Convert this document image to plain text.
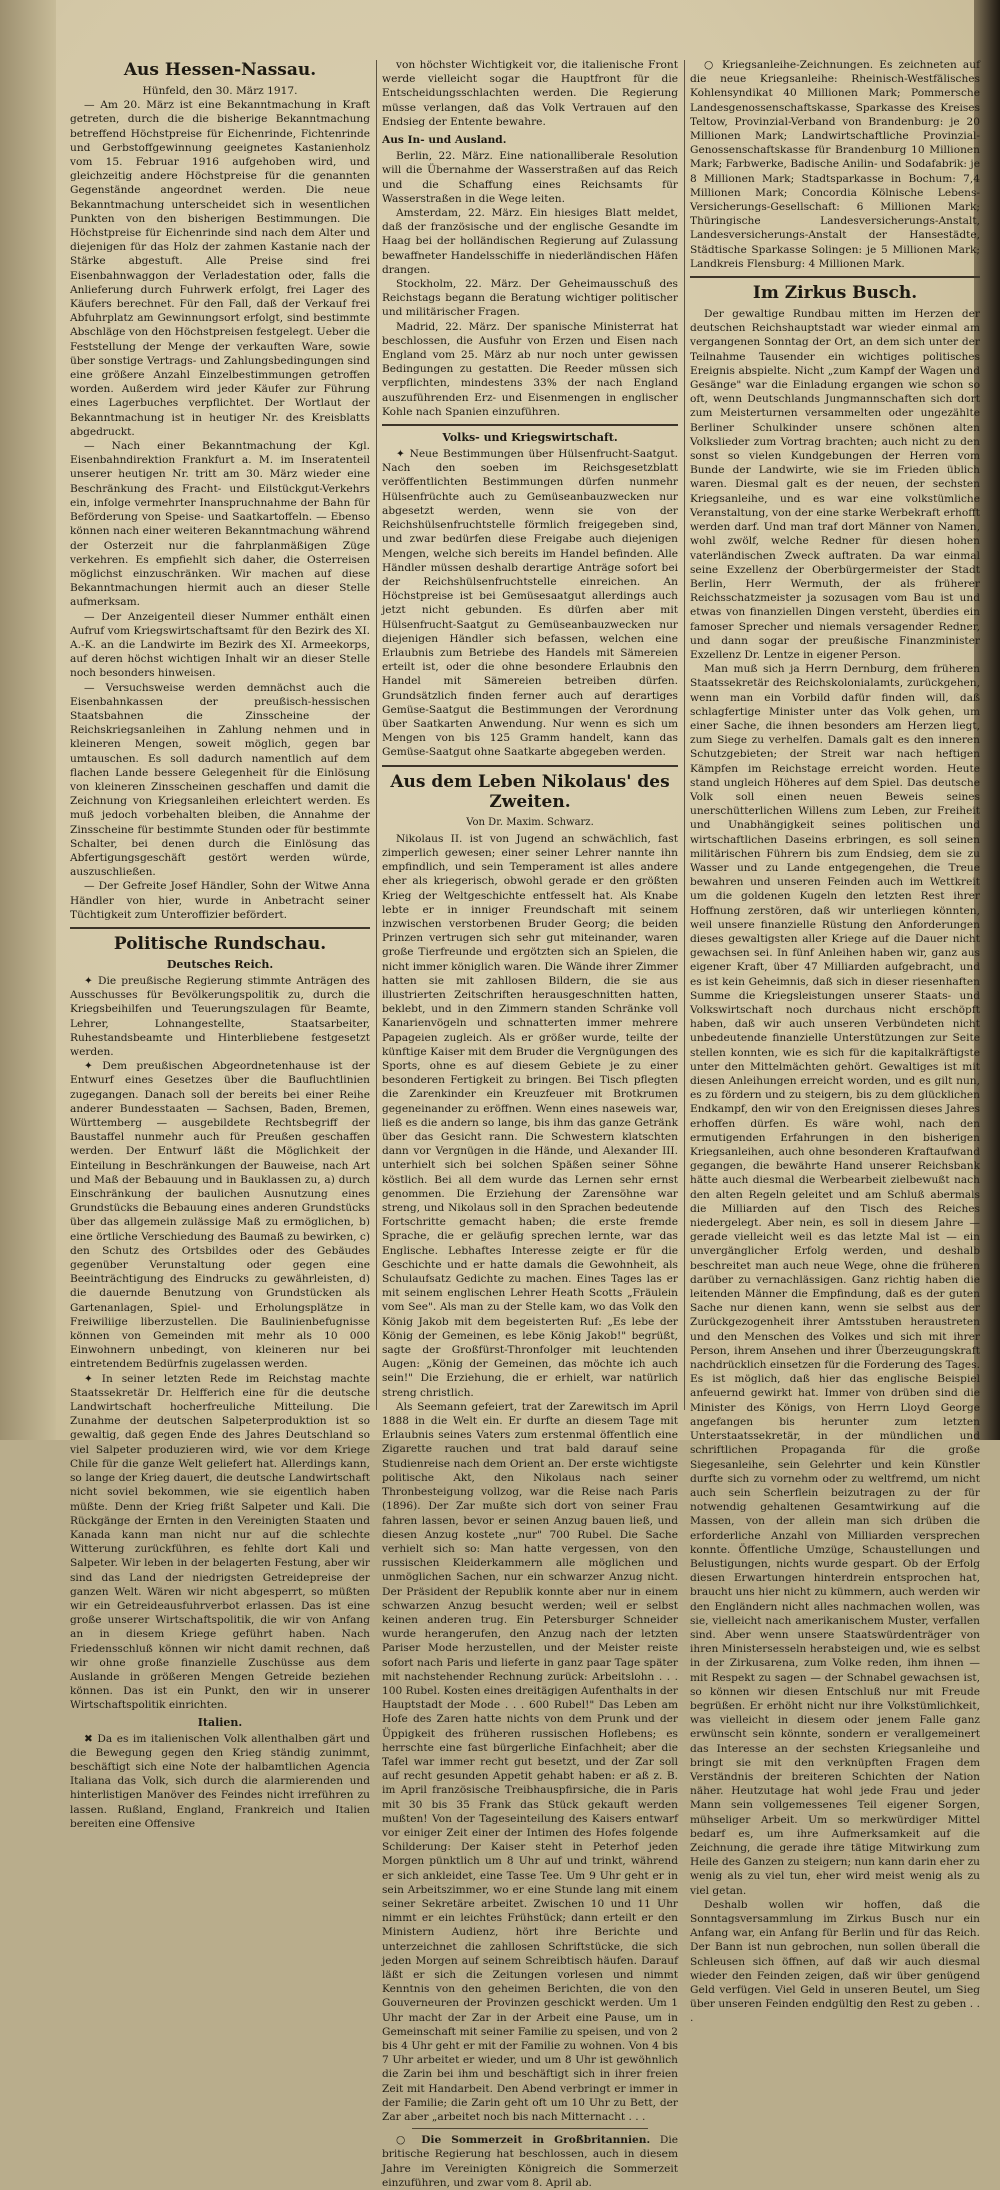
Aus Hessen-Nassau.

Hünfeld, den 30. März 1917.

— Am 20. März ist eine Bekanntmachung in Kraft getreten, durch die die bisherige Bekanntmachung betreffend Höchstpreise für Eichenrinde, Fichtenrinde und Gerbstoffgewinnung geeignetes Kastanienholz vom 15. Februar 1916 aufgehoben wird, und gleichzeitig andere Höchstpreise für die genannten Gegenstände angeordnet werden. Die neue Bekanntmachung unterscheidet sich in wesentlichen Punkten von den bisherigen Bestimmungen. Die Höchstpreise für Eichenrinde sind nach dem Alter und diejenigen für das Holz der zahmen Kastanie nach der Stärke abgestuft. Alle Preise sind frei Eisenbahnwaggon der Verladestation oder, falls die Anlieferung durch Fuhrwerk erfolgt, frei Lager des Käufers berechnet. Für den Fall, daß der Verkauf frei Abfuhrplatz am Gewinnungsort erfolgt, sind bestimmte Abschläge von den Höchstpreisen festgelegt. Ueber die Feststellung der Menge der verkauften Ware, sowie über sonstige Vertrags- und Zahlungsbedingungen sind eine größere Anzahl Einzelbestimmungen getroffen worden. Außerdem wird jeder Käufer zur Führung eines Lagerbuches verpflichtet. Der Wortlaut der Bekanntmachung ist in heutiger Nr. des Kreisblatts abgedruckt.

— Nach einer Bekanntmachung der Kgl. Eisenbahndirektion Frankfurt a. M. im Inseratenteil unserer heutigen Nr. tritt am 30. März wieder eine Beschränkung des Fracht- und Eilstückgut-Verkehrs ein, infolge vermehrter Inanspruchnahme der Bahn für Beförderung von Speise- und Saatkartoffeln. — Ebenso können nach einer weiteren Bekanntmachung während der Osterzeit nur die fahrplanmäßigen Züge verkehren. Es empfiehlt sich daher, die Osterreisen möglichst einzuschränken. Wir machen auf diese Bekanntmachungen hiermit auch an dieser Stelle aufmerksam.

— Der Anzeigenteil dieser Nummer enthält einen Aufruf vom Kriegswirtschaftsamt für den Bezirk des XI. A.-K. an die Landwirte im Bezirk des XI. Armeekorps, auf deren höchst wichtigen Inhalt wir an dieser Stelle noch besonders hinweisen.

— Versuchsweise werden demnächst auch die Eisenbahnkassen der preußisch-hessischen Staatsbahnen die Zinsscheine der Reichskriegsanleihen in Zahlung nehmen und in kleineren Mengen, soweit möglich, gegen bar umtauschen. Es soll dadurch namentlich auf dem flachen Lande bessere Gelegenheit für die Einlösung von kleineren Zinsscheinen geschaffen und damit die Zeichnung von Kriegsanleihen erleichtert werden. Es muß jedoch vorbehalten bleiben, die Annahme der Zinsscheine für bestimmte Stunden oder für bestimmte Schalter, bei denen durch die Einlösung das Abfertigungsgeschäft gestört werden würde, auszuschließen.

— Der Gefreite Josef Händler, Sohn der Witwe Anna Händler von hier, wurde in Anbetracht seiner Tüchtigkeit zum Unteroffizier befördert.

Politische Rundschau.
Deutsches Reich.

✦ Die preußische Regierung stimmte Anträgen des Ausschusses für Bevölkerungspolitik zu, durch die Kriegsbeihilfen und Teuerungszulagen für Beamte, Lehrer, Lohnangestellte, Staatsarbeiter, Ruhestandsbeamte und Hinterbliebene festgesetzt werden.

✦ Dem preußischen Abgeordnetenhause ist der Entwurf eines Gesetzes über die Baufluchtlinien zugegangen. Danach soll der bereits bei einer Reihe anderer Bundesstaaten — Sachsen, Baden, Bremen, Württemberg — ausgebildete Rechtsbegriff der Baustaffel nunmehr auch für Preußen geschaffen werden. Der Entwurf läßt die Möglichkeit der Einteilung in Beschränkungen der Bauweise, nach Art und Maß der Bebauung und in Bauklassen zu, a) durch Einschränkung der baulichen Ausnutzung eines Grundstücks die Bebauung eines anderen Grundstücks über das allgemein zulässige Maß zu ermöglichen, b) eine örtliche Verschiedung des Baumaß zu bewirken, c) den Schutz des Ortsbildes oder des Gebäudes gegenüber Verunstaltung oder gegen eine Beeinträchtigung des Eindrucks zu gewährleisten, d) die dauernde Benutzung von Grundstücken als Gartenanlagen, Spiel- und Erholungsplätze in Freiwiliige liberzustellen. Die Baulinienbefugnisse können von Gemeinden mit mehr als 10 000 Einwohnern unbedingt, von kleineren nur bei eintretendem Bedürfnis zugelassen werden.

✦ In seiner letzten Rede im Reichstag machte Staatssekretär Dr. Helfferich eine für die deutsche Landwirtschaft hocherfreuliche Mitteilung. Die Zunahme der deutschen Salpeterproduktion ist so gewaltig, daß gegen Ende des Jahres Deutschland so viel Salpeter produzieren wird, wie vor dem Kriege Chile für die ganze Welt geliefert hat. Allerdings kann, so lange der Krieg dauert, die deutsche Landwirtschaft nicht soviel bekommen, wie sie eigentlich haben müßte. Denn der Krieg frißt Salpeter und Kali. Die Rückgänge der Ernten in den Vereinigten Staaten und Kanada kann man nicht nur auf die schlechte Witterung zurückführen, es fehlte dort Kali und Salpeter. Wir leben in der belagerten Festung, aber wir sind das Land der niedrigsten Getreidepreise der ganzen Welt. Wären wir nicht abgesperrt, so müßten wir ein Getreideausfuhrverbot erlassen. Das ist eine große unserer Wirtschaftspolitik, die wir von Anfang an in diesem Kriege geführt haben. Nach Friedensschluß können wir nicht damit rechnen, daß wir ohne große finanzielle Zuschüsse aus dem Auslande in größeren Mengen Getreide beziehen können. Das ist ein Punkt, den wir in unserer Wirtschaftspolitik einrichten.

Italien.

✖ Da es im italienischen Volk allenthalben gärt und die Bewegung gegen den Krieg ständig zunimmt, beschäftigt sich eine Note der halbamtlichen Agencia Italiana das Volk, sich durch die alarmierenden und hinterlistigen Manöver des Feindes nicht irreführen zu lassen. Rußland, England, Frankreich und Italien bereiten eine Offensive

von höchster Wichtigkeit vor, die italienische Front werde vielleicht sogar die Hauptfront für die Entscheidungsschlachten werden. Die Regierung müsse verlangen, daß das Volk Vertrauen auf den Endsieg der Entente bewahre.

Aus In- und Ausland.

Berlin, 22. März. Eine nationalliberale Resolution will die Übernahme der Wasserstraßen auf das Reich und die Schaffung eines Reichsamts für Wasserstraßen in die Wege leiten.

Amsterdam, 22. März. Ein hiesiges Blatt meldet, daß der französische und der englische Gesandte im Haag bei der holländischen Regierung auf Zulassung bewaffneter Handelsschiffe in niederländischen Häfen drangen.

Stockholm, 22. März. Der Geheimausschuß des Reichstags begann die Beratung wichtiger politischer und militärischer Fragen.

Madrid, 22. März. Der spanische Ministerrat hat beschlossen, die Ausfuhr von Erzen und Eisen nach England vom 25. März ab nur noch unter gewissen Bedingungen zu gestatten. Die Reeder müssen sich verpflichten, mindestens 33% der nach England auszuführenden Erz- und Eisenmengen in englischer Kohle nach Spanien einzuführen.

Volks- und Kriegswirtschaft.

✦ Neue Bestimmungen über Hülsenfrucht-Saatgut. Nach den soeben im Reichsgesetzblatt veröffentlichten Bestimmungen dürfen nunmehr Hülsenfrüchte auch zu Gemüseanbauzwecken nur abgesetzt werden, wenn sie von der Reichshülsenfruchtstelle förmlich freigegeben sind, und zwar bedürfen diese Freigabe auch diejenigen Mengen, welche sich bereits im Handel befinden. Alle Händler müssen deshalb derartige Anträge sofort bei der Reichshülsenfruchtstelle einreichen. An Höchstpreise ist bei Gemüsesaatgut allerdings auch jetzt nicht gebunden. Es dürfen aber mit Hülsenfrucht-Saatgut zu Gemüseanbauzwecken nur diejenigen Händler sich befassen, welchen eine Erlaubnis zum Betriebe des Handels mit Sämereien erteilt ist, oder die ohne besondere Erlaubnis den Handel mit Sämereien betreiben dürfen. Grundsätzlich finden ferner auch auf derartiges Gemüse-Saatgut die Bestimmungen der Verordnung über Saatkarten Anwendung. Nur wenn es sich um Mengen von bis 125 Gramm handelt, kann das Gemüse-Saatgut ohne Saatkarte abgegeben werden.

Aus dem Leben Nikolaus' des Zweiten.

Von Dr. Maxim. Schwarz.

Nikolaus II. ist von Jugend an schwächlich, fast zimperlich gewesen; einer seiner Lehrer nannte ihn empfindlich, und sein Temperament ist alles andere eher als kriegerisch, obwohl gerade er den größten Krieg der Weltgeschichte entfesselt hat. Als Knabe lebte er in inniger Freundschaft mit seinem inzwischen verstorbenen Bruder Georg; die beiden Prinzen vertrugen sich sehr gut miteinander, waren große Tierfreunde und ergötzten sich an Spielen, die nicht immer königlich waren. Die Wände ihrer Zimmer hatten sie mit zahllosen Bildern, die sie aus illustrierten Zeitschriften herausgeschnitten hatten, beklebt, und in den Zimmern standen Schränke voll Kanarienvögeln und schnatterten immer mehrere Papageien zugleich. Als er größer wurde, teilte der künftige Kaiser mit dem Bruder die Vergnügungen des Sports, ohne es auf diesem Gebiete je zu einer besonderen Fertigkeit zu bringen. Bei Tisch pflegten die Zarenkinder ein Kreuzfeuer mit Brotkrumen gegeneinander zu eröffnen. Wenn eines naseweis war, ließ es die andern so lange, bis ihm das ganze Getränk über das Gesicht rann. Die Schwestern klatschten dann vor Vergnügen in die Hände, und Alexander III. unterhielt sich bei solchen Späßen seiner Söhne köstlich. Bei all dem wurde das Lernen sehr ernst genommen. Die Erziehung der Zarensöhne war streng, und Nikolaus soll in den Sprachen bedeutende Fortschritte gemacht haben; die erste fremde Sprache, die er geläufig sprechen lernte, war das Englische. Lebhaftes Interesse zeigte er für die Geschichte und er hatte damals die Gewohnheit, als Schulaufsatz Gedichte zu machen. Eines Tages las er mit seinem englischen Lehrer Heath Scotts „Fräulein vom See". Als man zu der Stelle kam, wo das Volk den König Jakob mit dem begeisterten Ruf: „Es lebe der König der Gemeinen, es lebe König Jakob!" begrüßt, sagte der Großfürst-Thronfolger mit leuchtenden Augen: „König der Gemeinen, das möchte ich auch sein!" Die Erziehung, die er erhielt, war natürlich streng christlich.

Als Seemann gefeiert, trat der Zarewitsch im April 1888 in die Welt ein. Er durfte an diesem Tage mit Erlaubnis seines Vaters zum erstenmal öffentlich eine Zigarette rauchen und trat bald darauf seine Studienreise nach dem Orient an. Der erste wichtigste politische Akt, den Nikolaus nach seiner Thronbesteigung vollzog, war die Reise nach Paris (1896). Der Zar mußte sich dort von seiner Frau fahren lassen, bevor er seinen Anzug bauen ließ, und diesen Anzug kostete „nur" 700 Rubel. Die Sache verhielt sich so: Man hatte vergessen, von den russischen Kleiderkammern alle möglichen und unmöglichen Sachen, nur ein schwarzer Anzug nicht. Der Präsident der Republik konnte aber nur in einem schwarzen Anzug besucht werden; weil er selbst keinen anderen trug. Ein Petersburger Schneider wurde herangerufen, den Anzug nach der letzten Pariser Mode herzustellen, und der Meister reiste sofort nach Paris und lieferte in ganz paar Tage später mit nachstehender Rechnung zurück: Arbeitslohn . . . 100 Rubel. Kosten eines dreitägigen Aufenthalts in der Hauptstadt der Mode . . . 600 Rubel!" Das Leben am Hofe des Zaren hatte nichts von dem Prunk und der Üppigkeit des früheren russischen Hoflebens; es herrschte eine fast bürgerliche Einfachheit; aber die Tafel war immer recht gut besetzt, und der Zar soll auf recht gesunden Appetit gehabt haben: er aß z. B. im April französische Treibhauspfirsiche, die in Paris mit 30 bis 35 Frank das Stück gekauft werden mußten! Von der Tageseinteilung des Kaisers entwarf vor einiger Zeit einer der Intimen des Hofes folgende Schilderung: Der Kaiser steht in Peterhof jeden Morgen pünktlich um 8 Uhr auf und trinkt, während er sich ankleidet, eine Tasse Tee. Um 9 Uhr geht er in sein Arbeitszimmer, wo er eine Stunde lang mit einem seiner Sekretäre arbeitet. Zwischen 10 und 11 Uhr nimmt er ein leichtes Frühstück; dann erteilt er den Ministern Audienz, hört ihre Berichte und unterzeichnet die zahllosen Schriftstücke, die sich jeden Morgen auf seinem Schreibtisch häufen. Darauf läßt er sich die Zeitungen vorlesen und nimmt Kenntnis von den geheimen Berichten, die von den Gouverneuren der Provinzen geschickt werden. Um 1 Uhr macht der Zar in der Arbeit eine Pause, um in Gemeinschaft mit seiner Familie zu speisen, und von 2 bis 4 Uhr geht er mit der Familie zu wohnen. Von 4 bis 7 Uhr arbeitet er wieder, und um 8 Uhr ist gewöhnlich die Zarin bei ihm und beschäftigt sich in ihrer freien Zeit mit Handarbeit. Den Abend verbringt er immer in der Familie; die Zarin geht oft um 10 Uhr zu Bett, der Zar aber „arbeitet noch bis nach Mitternacht . . .

○ Die Sommerzeit in Großbritannien. Die britische Regierung hat beschlossen, auch in diesem Jahre im Vereinigten Königreich die Sommerzeit einzuführen, und zwar vom 8. April ab.

○ Kriegsanleihe-Zeichnungen. Es zeichneten auf die neue Kriegsanleihe: Rheinisch-Westfälisches Kohlensyndikat 40 Millionen Mark; Pommersche Landesgenossenschaftskasse, Sparkasse des Kreises Teltow, Provinzial-Verband von Brandenburg: je 20 Millionen Mark; Landwirtschaftliche Provinzial-Genossenschaftskasse für Brandenburg 10 Millionen Mark; Farbwerke, Badische Anilin- und Sodafabrik: je 8 Millionen Mark; Stadtsparkasse in Bochum: 7,4 Millionen Mark; Concordia Kölnische Lebens-Versicherungs-Gesellschaft: 6 Millionen Mark; Thüringische Landesversicherungs-Anstalt, Landesversicherungs-Anstalt der Hansestädte, Städtische Sparkasse Solingen: je 5 Millionen Mark; Landkreis Flensburg: 4 Millionen Mark.

Im Zirkus Busch.

Der gewaltige Rundbau mitten im Herzen der deutschen Reichshauptstadt war wieder einmal am vergangenen Sonntag der Ort, an dem sich unter der Teilnahme Tausender ein wichtiges politisches Ereignis abspielte. Nicht „zum Kampf der Wagen und Gesänge" war die Einladung ergangen wie schon so oft, wenn Deutschlands Jungmannschaften sich dort zum Meisterturnen versammelten oder ungezählte Berliner Schulkinder unsere schönen alten Volkslieder zum Vortrag brachten; auch nicht zu den sonst so vielen Kundgebungen der Herren vom Bunde der Landwirte, wie sie im Frieden üblich waren. Diesmal galt es der neuen, der sechsten Kriegsanleihe, und es war eine volkstümliche Veranstaltung, von der eine starke Werbekraft erhofft werden darf. Und man traf dort Männer von Namen, wohl zwölf, welche Redner für diesen hohen vaterländischen Zweck auftraten. Da war einmal seine Exzellenz der Oberbürgermeister der Stadt Berlin, Herr Wermuth, der als früherer Reichsschatzmeister ja sozusagen vom Bau ist und etwas von finanziellen Dingen versteht, überdies ein famoser Sprecher und niemals versagender Redner, und dann sogar der preußische Finanzminister Exzellenz Dr. Lentze in eigener Person.

Man muß sich ja Herrn Dernburg, dem früheren Staatssekretär des Reichskolonialamts, zurückgehen, wenn man ein Vorbild dafür finden will, daß schlagfertige Minister unter das Volk gehen, um einer Sache, die ihnen besonders am Herzen liegt, zum Siege zu verhelfen. Damals galt es den inneren Schutzgebieten; der Streit war nach heftigen Kämpfen im Reichstage erreicht worden. Heute stand ungleich Höheres auf dem Spiel. Das deutsche Volk soll einen neuen Beweis seines unerschütterlichen Willens zum Leben, zur Freiheit und Unabhängigkeit seines politischen und wirtschaftlichen Daseins erbringen, es soll seinen militärischen Führern bis zum Endsieg, dem sie zu Wasser und zu Lande entgegengehen, die Treue bewahren und unseren Feinden auch im Wettkreit um die goldenen Kugeln den letzten Rest ihrer Hoffnung zerstören, daß wir unterliegen könnten, weil unsere finanzielle Rüstung den Anforderungen dieses gewaltigsten aller Kriege auf die Dauer nicht gewachsen sei. In fünf Anleihen haben wir, ganz aus eigener Kraft, über 47 Milliarden aufgebracht, und es ist kein Geheimnis, daß sich in dieser riesenhaften Summe die Kriegsleistungen unserer Staats- und Volkswirtschaft noch durchaus nicht erschöpft haben, daß wir auch unseren Verbündeten nicht unbedeutende finanzielle Unterstützungen zur Seite stellen konnten, wie es sich für die kapitalkräftigste unter den Mittelmächten gehört. Gewaltiges ist mit diesen Anleihungen erreicht worden, und es gilt nun, es zu fördern und zu steigern, bis zu dem glücklichen Endkampf, den wir von den Ereignissen dieses Jahres erhoffen dürfen. Es wäre wohl, nach den ermutigenden Erfahrungen in den bisherigen Kriegsanleihen, auch ohne besonderen Kraftaufwand gegangen, die bewährte Hand unserer Reichsbank hätte auch diesmal die Werbearbeit zielbewußt nach den alten Regeln geleitet und am Schluß abermals die Milliarden auf den Tisch des Reiches niedergelegt. Aber nein, es soll in diesem Jahre — gerade vielleicht weil es das letzte Mal ist — ein unvergänglicher Erfolg werden, und deshalb beschreitet man auch neue Wege, ohne die früheren darüber zu vernachlässigen. Ganz richtig haben die leitenden Männer die Empfindung, daß es der guten Sache nur dienen kann, wenn sie selbst aus der Zurückgezogenheit ihrer Amtsstuben heraustreten und den Menschen des Volkes und sich mit ihrer Person, ihrem Ansehen und ihrer Überzeugungskraft nachdrücklich einsetzen für die Forderung des Tages. Es ist möglich, daß hier das englische Beispiel anfeuernd gewirkt hat. Immer von drüben sind die Minister des Königs, von Herrn Lloyd George angefangen bis herunter zum letzten Unterstaatssekretär, in der mündlichen und schriftlichen Propaganda für die große Siegesanleihe, sein Gelehrter und kein Künstler durfte sich zu vornehm oder zu weltfremd, um nicht auch sein Scherflein beizutragen zu der für notwendig gehaltenen Gesamtwirkung auf die Massen, von der allein man sich drüben die erforderliche Anzahl von Milliarden versprechen konnte. Öffentliche Umzüge, Schaustellungen und Belustigungen, nichts wurde gespart. Ob der Erfolg diesen Erwartungen hinterdrein entsprochen hat, braucht uns hier nicht zu kümmern, auch werden wir den Engländern nicht alles nachmachen wollen, was sie, vielleicht nach amerikanischem Muster, verfallen sind. Aber wenn unsere Staatswürdenträger von ihren Ministersesseln herabsteigen und, wie es selbst in der Zirkusarena, zum Volke reden, ihm ihnen — mit Respekt zu sagen — der Schnabel gewachsen ist, so können wir diesen Entschluß nur mit Freude begrüßen. Er erhöht nicht nur ihre Volkstümlichkeit, was vielleicht in diesem oder jenem Falle ganz erwünscht sein könnte, sondern er verallgemeinert das Interesse an der sechsten Kriegsanleihe und bringt sie mit den verknüpften Fragen dem Verständnis der breiteren Schichten der Nation näher. Heutzutage hat wohl jede Frau und jeder Mann sein vollgemessenes Teil eigener Sorgen, mühseliger Arbeit. Um so merkwürdiger Mittel bedarf es, um ihre Aufmerksamkeit auf die Zeichnung, die gerade ihre tätige Mitwirkung zum Heile des Ganzen zu steigern; nun kann darin eher zu wenig als zu viel tun, eher wird meist wenig als zu viel getan.

Deshalb wollen wir hoffen, daß die Sonntagsversammlung im Zirkus Busch nur ein Anfang war, ein Anfang für Berlin und für das Reich. Der Bann ist nun gebrochen, nun sollen überall die Schleusen sich öffnen, auf daß wir auch diesmal wieder den Feinden zeigen, daß wir über genügend Geld verfügen. Viel Geld in unseren Beutel, um Sieg über unseren Feinden endgültig den Rest zu geben . . .
